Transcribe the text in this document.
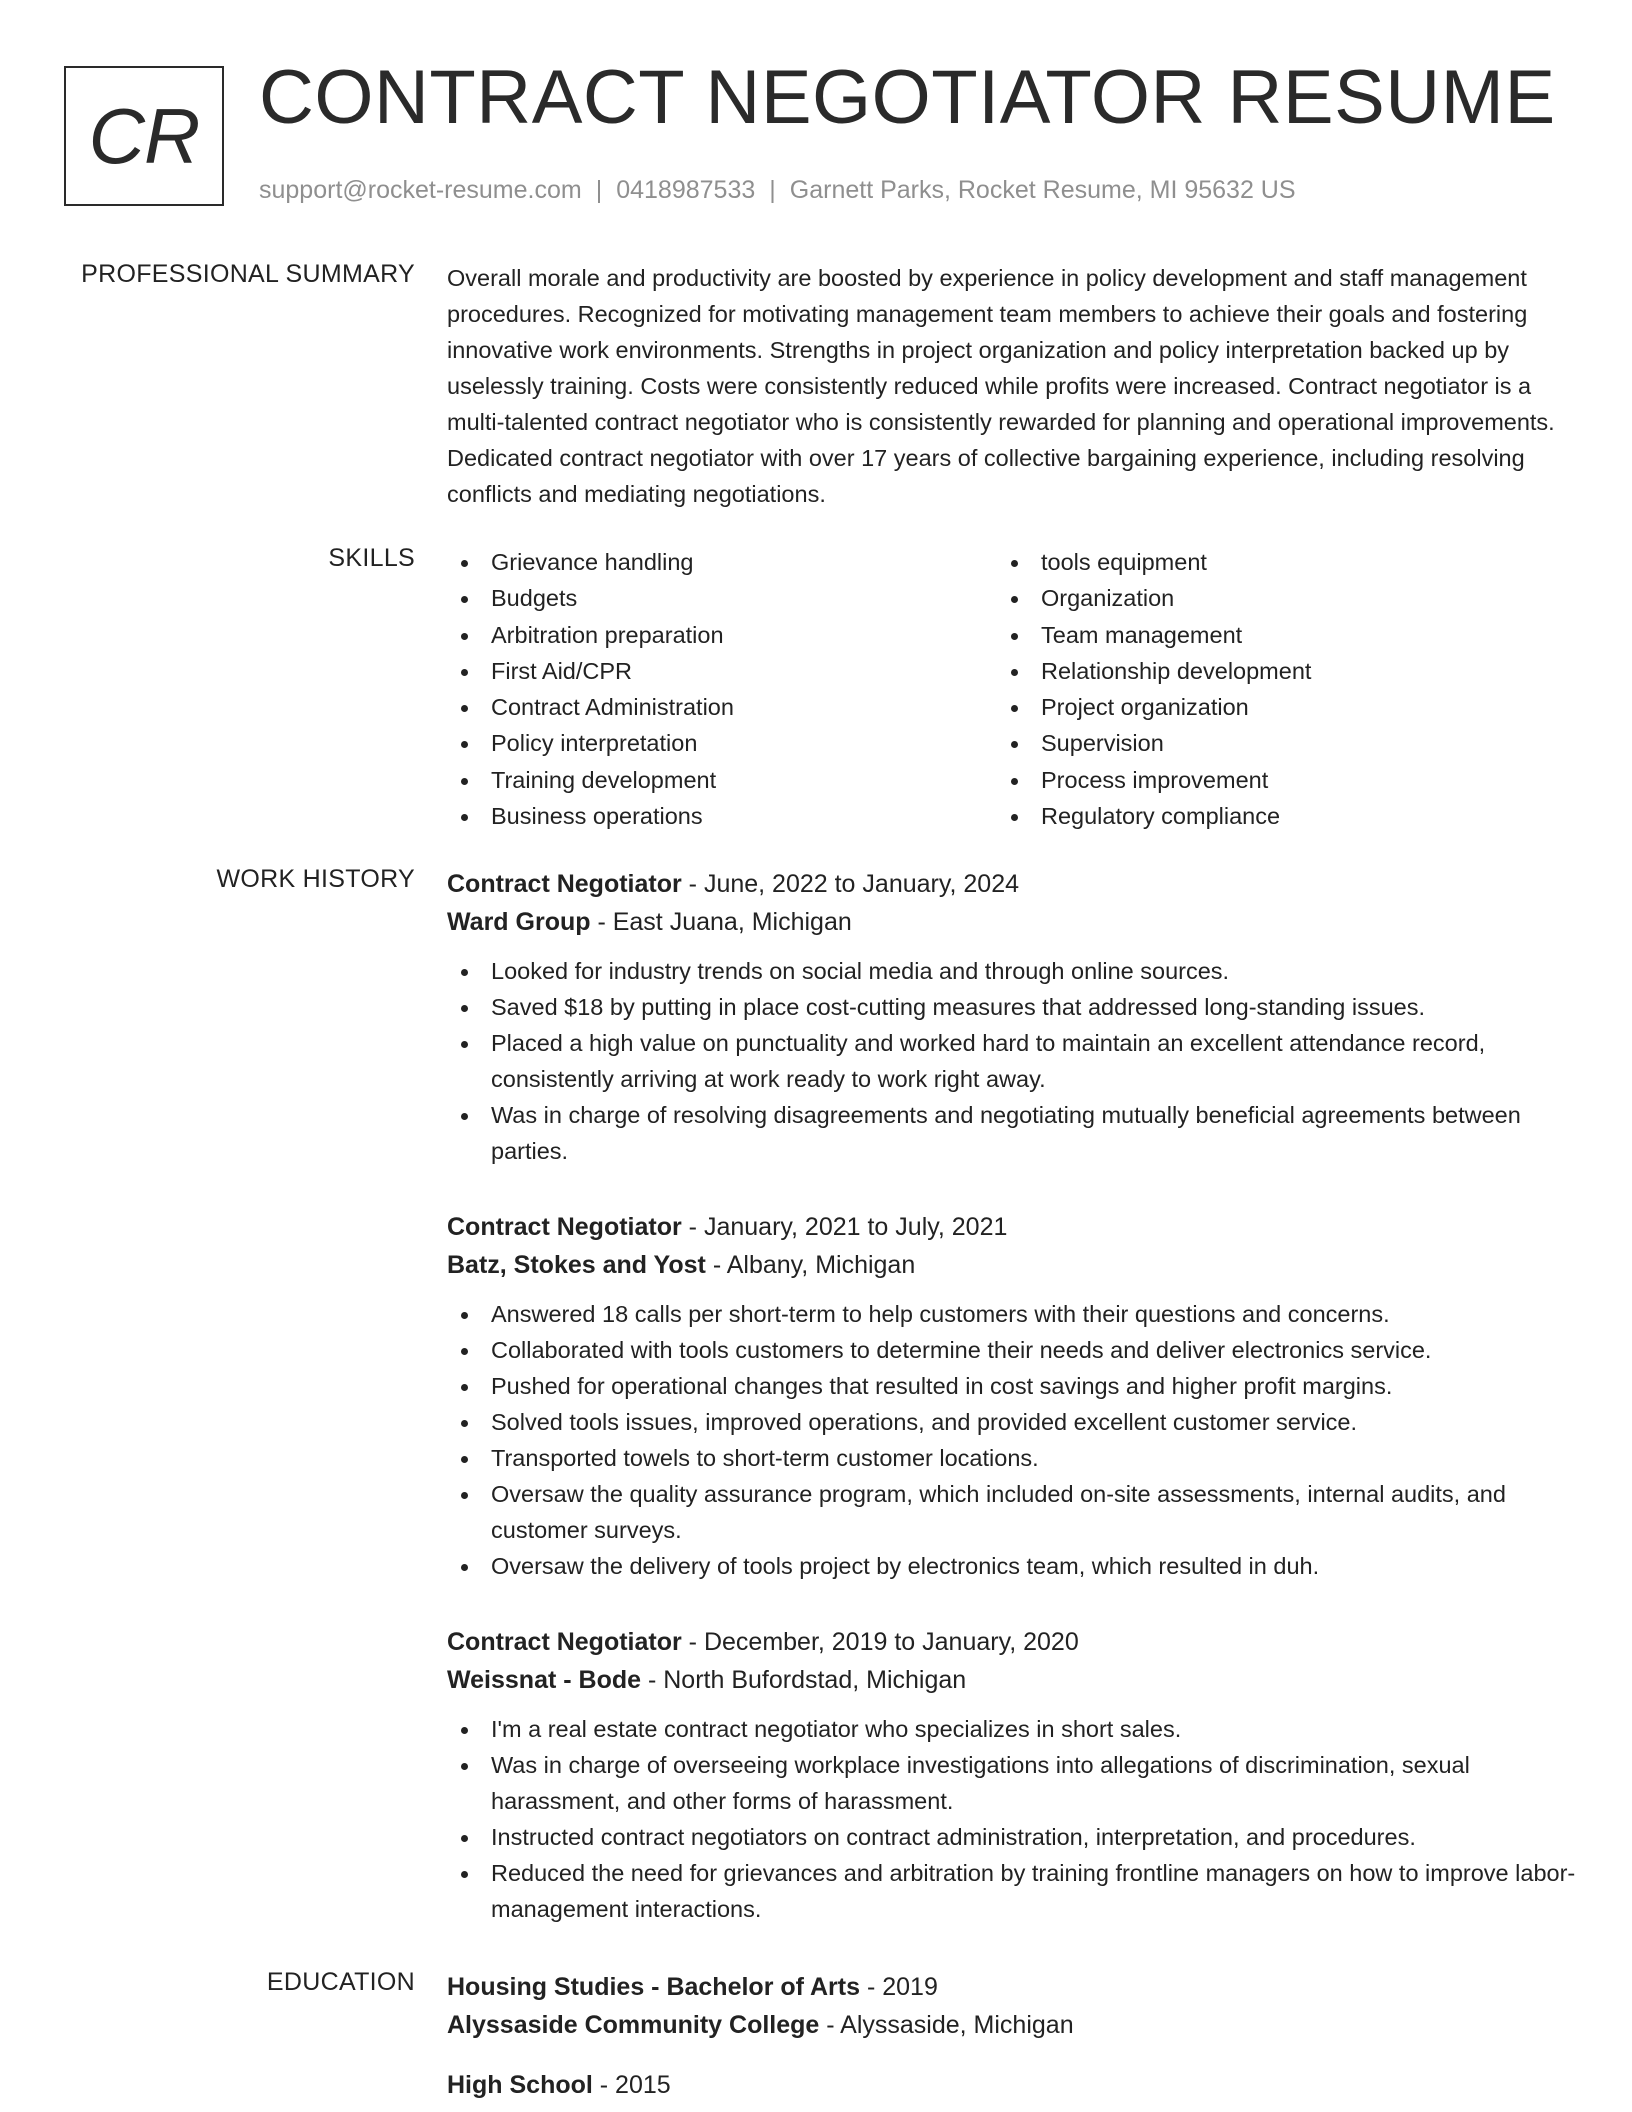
CR CONTRACT NEGOTIATOR RESUME
support@rocket-resume.com | 0418987533 | Garnett Parks, Rocket Resume, MI 95632 US
PROFESSIONAL SUMMARY Overall morale and productivity are boosted by experience in policy development and staff management procedures. Recognized for motivating management team members to achieve their goals and fostering innovative work environments. Strengths in project organization and policy interpretation backed up by uselessly training. Costs were consistently reduced while profits were increased. Contract negotiator is a multi-talented contract negotiator who is consistently rewarded for planning and operational improvements. Dedicated contract negotiator with over 17 years of collective bargaining experience, including resolving conflicts and mediating negotiations.

SKILLS	Grievance handling
Budgets
Arbitration preparation
First Aid/CPR
Contract Administration
Policy interpretation
Training development
Business operations
tools equipment
Organization
Team management
Relationship development
Project organization
Supervision
Process improvement
Regulatory compliance
WORK HISTORY Contract Negotiator - June, 2022 to January, 2024

Ward Group - East Juana, Michigan

Looked for industry trends on social media and through online sources.
Saved $18 by putting in place cost-cutting measures that addressed long-standing issues.
Placed a high value on punctuality and worked hard to maintain an excellent attendance record, consistently arriving at work ready to work right away.
Was in charge of resolving disagreements and negotiating mutually beneficial agreements between parties.

Contract Negotiator - January, 2021 to July, 2021

Batz, Stokes and Yost - Albany, Michigan

Answered 18 calls per short-term to help customers with their questions and concerns.
Collaborated with tools customers to determine their needs and deliver electronics service.
Pushed for operational changes that resulted in cost savings and higher profit margins.
Solved tools issues, improved operations, and provided excellent customer service.
Transported towels to short-term customer locations.
Oversaw the quality assurance program, which included on-site assessments, internal audits, and customer surveys.
Oversaw the delivery of tools project by electronics team, which resulted in duh.

Contract Negotiator - December, 2019 to January, 2020

Weissnat - Bode - North Bufordstad, Michigan

I'm a real estate contract negotiator who specializes in short sales.
Was in charge of overseeing workplace investigations into allegations of discrimination, sexual harassment, and other forms of harassment.
Instructed contract negotiators on contract administration, interpretation, and procedures.
Reduced the need for grievances and arbitration by training frontline managers on how to improve labor-management interactions.
EDUCATION Housing Studies - Bachelor of Arts - 2019

Alyssaside Community College - Alyssaside, Michigan

High School - 2015
